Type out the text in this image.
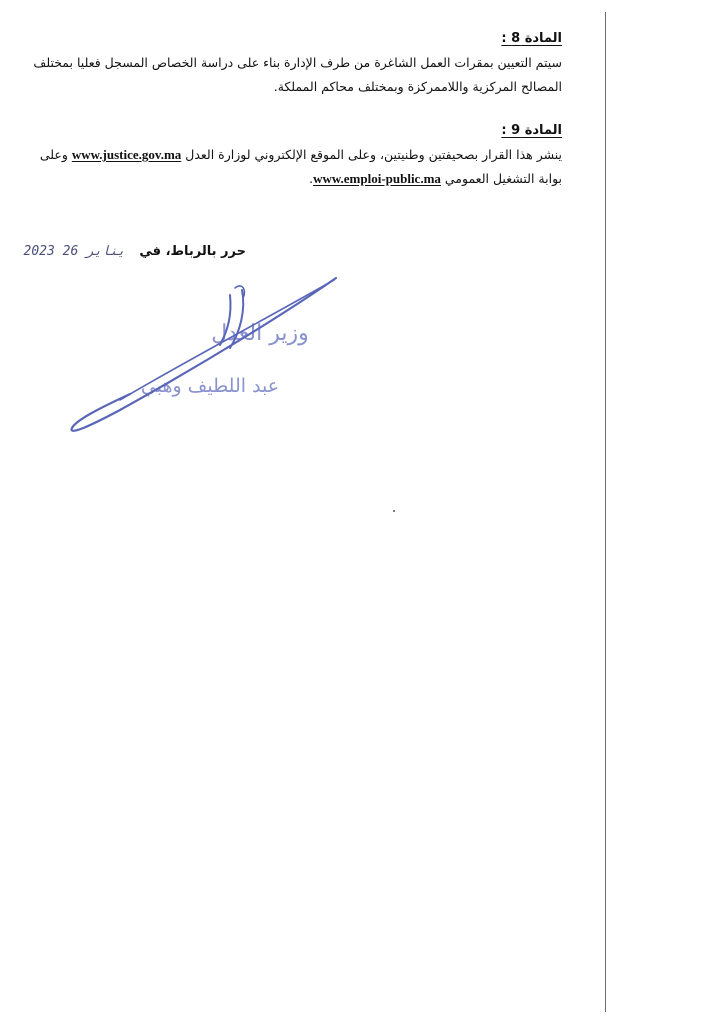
المادة 8 :
سيتم التعيين بمقرات العمل الشاغرة من طرف الإدارة بناء على دراسة الخصاص المسجل فعليا بمختلف المصالح المركزية واللاممركزة وبمختلف محاكم المملكة.
المادة 9 :
ينشر هذا القرار بصحيفتين وطنيتين، وعلى الموقع الإلكتروني لوزارة العدل www.justice.gov.ma وعلى بوابة التشغيل العمومي www.emploi-public.ma.
حرر بالرباط، في 2023 يناير 26
وزير العدل
عبد اللطيف وهبي
